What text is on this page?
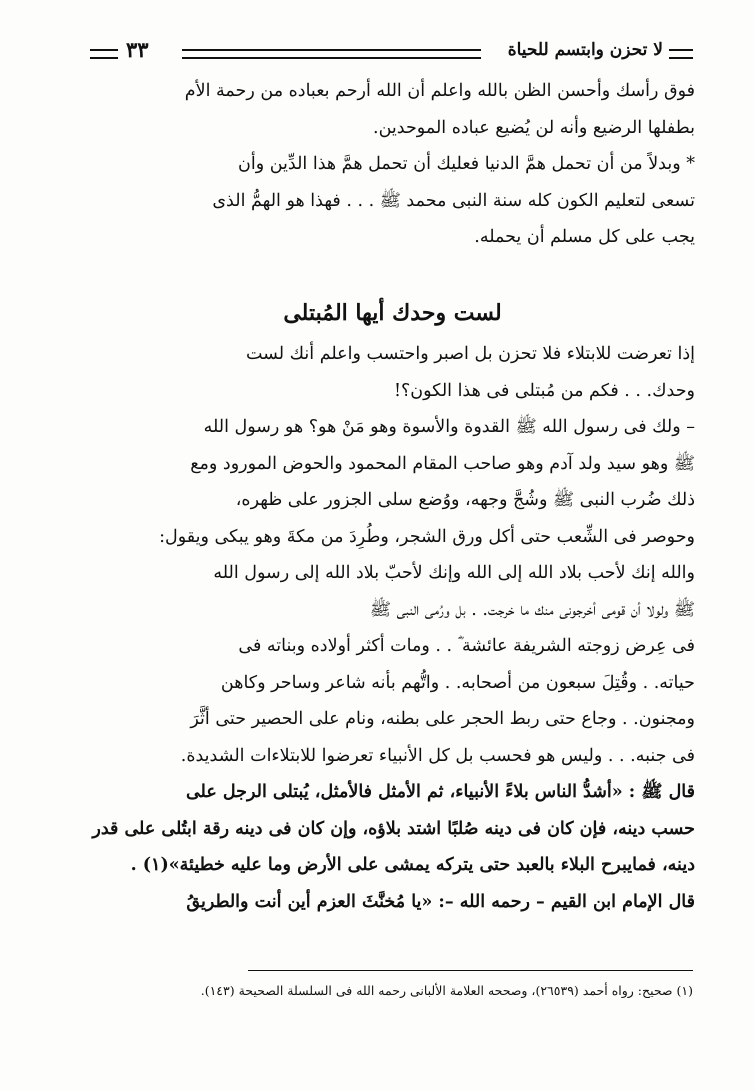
لا تحزن وابتسم للحياة
٣٣
فوق رأسك وأحسن الظن بالله واعلم أن الله أرحم بعباده من رحمة الأم
بطفلها الرضيع وأنه لن يُضيع عباده الموحدين.
* وبدلاً من أن تحمل همَّ الدنيا فعليك أن تحمل همَّ هذا الدِّين وأن
تسعى لتعليم الكون كله سنة النبى محمد ﷺ . . . فهذا هو الهمُّ الذى
يجب على كل مسلم أن يحمله.
لست وحدك أيها المُبتلى
إذا تعرضت للابتلاء فلا تحزن بل اصبر واحتسب واعلم أنك لست
وحدك. . . فكم من مُبتلى فى هذا الكون؟!
– ولك فى رسول الله ﷺ القدوة والأسوة وهو مَنْ هو؟ هو رسول الله
ﷺ وهو سيد ولد آدم وهو صاحب المقام المحمود والحوض المورود ومع
ذلك ضُرب النبى ﷺ وشُجَّ وجهه، ووُضع سلى الجزور على ظهره،
وحوصر فى الشِّعب حتى أكل ورق الشجر، وطُرِدَ من مكةَ وهو يبكى ويقول:
والله إنك لأحب بلاد الله إلى الله وإنك لأحبّ بلاد الله إلى رسول الله
ﷺ ولولا أن قومى أخرجونى منك ما خرجت. . بل ورُمى النبى ﷺ
فى عِرض زوجته الشريفة عائشة ؓ . . ومات أكثر أولاده وبناته فى
حياته. . وقُتِلَ سبعون من أصحابه. . واتُّهم بأنه شاعر وساحر وكاهن
ومجنون. . وجاع حتى ربط الحجر على بطنه، ونام على الحصير حتى أثَّرَ
فى جنبه. . . وليس هو فحسب بل كل الأنبياء تعرضوا للابتلاءات الشديدة.
قال ﷺ : «أشدُّ الناس بلاءً الأنبياء، ثم الأمثل فالأمثل، يُبتلى الرجل على
حسب دينه، فإن كان فى دينه صُلبًا اشتد بلاؤه، وإن كان فى دينه رقة ابتُلى على قدر
دينه، فمايبرح البلاء بالعبد حتى يتركه يمشى على الأرض وما عليه خطيئة»(١) .
قال الإمام ابن القيم – رحمه الله –: «يا مُخنَّثَ العزم أين أنت والطريقُ
(١) صحيح: رواه أحمد (٢٦٥٣٩)، وصححه العلامة الألبانى رحمه الله فى السلسلة الصحيحة (١٤٣).
